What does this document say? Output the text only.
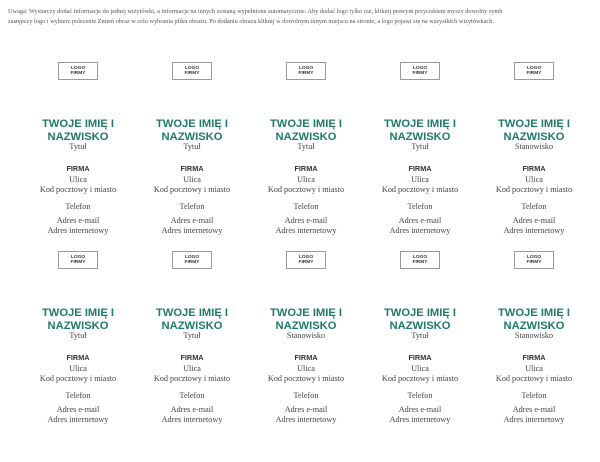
Uwaga: Wystarczy dodać informacje do jednej wizytówki, a informacje na innych zostaną wypełnione automatycznie. Aby dodać logo tylko raz, kliknij prawym przyciskiem myszy dowolny symb
zastępczy logo i wybierz polecenie Zmień obraz w celu wybrania pliku obrazu. Po dodaniu obrazu kliknij w dowolnym innym miejscu na stronie, a logo pojawi się na wszystkich wizytówkach.
LOGO
FIRMY
TWOJE IMIĘ I
NAZWISKO
Tytuł
FIRMA
Ulica
Kod pocztowy i miasto
Telefon
Adres e-mail
Adres internetowy
LOGO
FIRMY
TWOJE IMIĘ I
NAZWISKO
Tytuł
FIRMA
Ulica
Kod pocztowy i miasto
Telefon
Adres e-mail
Adres internetowy
LOGO
FIRMY
TWOJE IMIĘ I
NAZWISKO
Tytuł
FIRMA
Ulica
Kod pocztowy i miasto
Telefon
Adres e-mail
Adres internetowy
LOGO
FIRMY
TWOJE IMIĘ I
NAZWISKO
Tytuł
FIRMA
Ulica
Kod pocztowy i miasto
Telefon
Adres e-mail
Adres internetowy
LOGO
FIRMY
TWOJE IMIĘ I
NAZWISKO
Stanowisko
FIRMA
Ulica
Kod pocztowy i miasto
Telefon
Adres e-mail
Adres internetowy
LOGO
FIRMY
TWOJE IMIĘ I
NAZWISKO
Tytuł
FIRMA
Ulica
Kod pocztowy i miasto
Telefon
Adres e-mail
Adres internetowy
LOGO
FIRMY
TWOJE IMIĘ I
NAZWISKO
Tytuł
FIRMA
Ulica
Kod pocztowy i miasto
Telefon
Adres e-mail
Adres internetowy
LOGO
FIRMY
TWOJE IMIĘ I
NAZWISKO
Stanowisko
FIRMA
Ulica
Kod pocztowy i miasto
Telefon
Adres e-mail
Adres internetowy
LOGO
FIRMY
TWOJE IMIĘ I
NAZWISKO
Tytuł
FIRMA
Ulica
Kod pocztowy i miasto
Telefon
Adres e-mail
Adres internetowy
LOGO
FIRMY
TWOJE IMIĘ I
NAZWISKO
Stanowisko
FIRMA
Ulica
Kod pocztowy i miasto
Telefon
Adres e-mail
Adres internetowy
